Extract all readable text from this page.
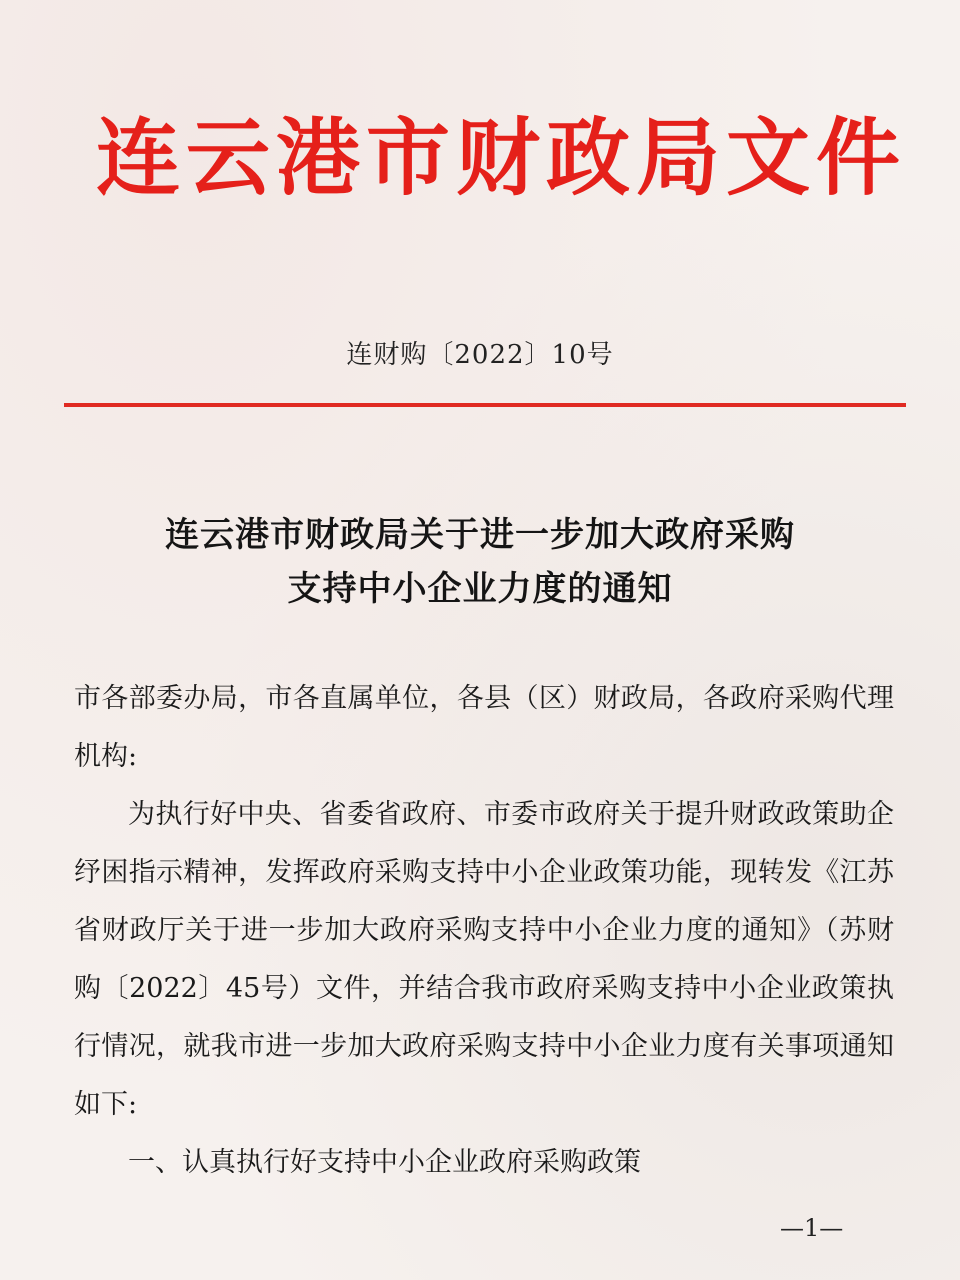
连云港市财政局文件
连财购〔2022〕10号
连云港市财政局关于进一步加大政府采购
支持中小企业力度的通知

市各部委办局，市各直属单位，各县（区）财政局，各政府采购代理机构:

为执行好中央、省委省政府、市委市政府关于提升财政政策助企纾困指示精神，发挥政府采购支持中小企业政策功能，现转发《江苏省财政厅关于进一步加大政府采购支持中小企业力度的通知》（苏财购〔2022〕45号）文件，并结合我市政府采购支持中小企业政策执行情况，就我市进一步加大政府采购支持中小企业力度有关事项通知如下:

一、认真执行好支持中小企业政府采购政策

—1—
